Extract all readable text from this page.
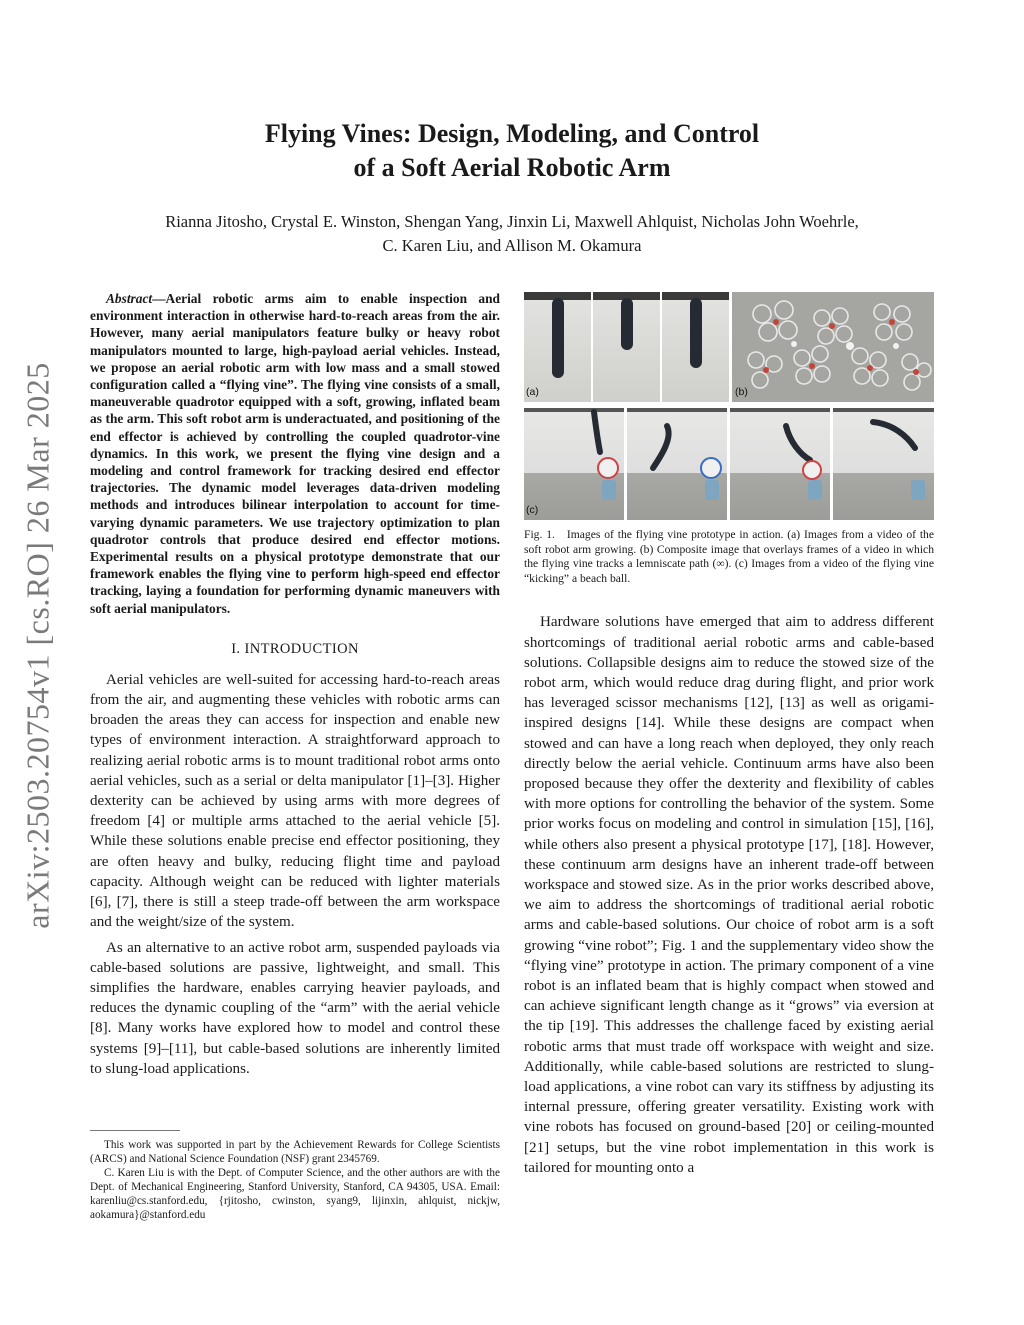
arXiv:2503.20754v1 [cs.RO] 26 Mar 2025
Flying Vines: Design, Modeling, and Control
of a Soft Aerial Robotic Arm
Rianna Jitosho, Crystal E. Winston, Shengan Yang, Jinxin Li, Maxwell Ahlquist, Nicholas John Woehrle,
C. Karen Liu, and Allison M. Okamura

Abstract—Aerial robotic arms aim to enable inspection and environment interaction in otherwise hard-to-reach areas from the air. However, many aerial manipulators feature bulky or heavy robot manipulators mounted to large, high-payload aerial vehicles. Instead, we propose an aerial robotic arm with low mass and a small stowed configuration called a “flying vine”. The flying vine consists of a small, maneuverable quadrotor equipped with a soft, growing, inflated beam as the arm. This soft robot arm is underactuated, and positioning of the end effector is achieved by controlling the coupled quadrotor-vine dynamics. In this work, we present the flying vine design and a modeling and control framework for tracking desired end effector trajectories. The dynamic model leverages data-driven modeling methods and introduces bilinear interpolation to account for time-varying dynamic parameters. We use trajectory optimization to plan quadrotor controls that produce desired end effector motions. Experimental results on a physical prototype demonstrate that our framework enables the flying vine to perform high-speed end effector tracking, laying a foundation for performing dynamic maneuvers with soft aerial manipulators.

I. INTRODUCTION

Aerial vehicles are well-suited for accessing hard-to-reach areas from the air, and augmenting these vehicles with robotic arms can broaden the areas they can access for inspection and enable new types of environment interaction. A straightforward approach to realizing aerial robotic arms is to mount traditional robot arms onto aerial vehicles, such as a serial or delta manipulator [1]–[3]. Higher dexterity can be achieved by using arms with more degrees of freedom [4] or multiple arms attached to the aerial vehicle [5]. While these solutions enable precise end effector positioning, they are often heavy and bulky, reducing flight time and payload capacity. Although weight can be reduced with lighter materials [6], [7], there is still a steep trade-off between the arm workspace and the weight/size of the system.

As an alternative to an active robot arm, suspended payloads via cable-based solutions are passive, lightweight, and small. This simplifies the hardware, enables carrying heavier payloads, and reduces the dynamic coupling of the “arm” with the aerial vehicle [8]. Many works have explored how to model and control these systems [9]–[11], but cable-based solutions are inherently limited to slung-load applications.

This work was supported in part by the Achievement Rewards for College Scientists (ARCS) and National Science Foundation (NSF) grant 2345769.

C. Karen Liu is with the Dept. of Computer Science, and the other authors are with the Dept. of Mechanical Engineering, Stanford University, Stanford, CA 94305, USA. Email: karenliu@cs.stanford.edu, {rjitosho, cwinston, syang9, lijinxin, ahlquist, nickjw, aokamura}@stanford.edu

(a)	(b)
(c)

Fig. 1. Images of the flying vine prototype in action. (a) Images from a video of the soft robot arm growing. (b) Composite image that overlays frames of a video in which the flying vine tracks a lemniscate path (∞). (c) Images from a video of the flying vine “kicking” a beach ball.

Hardware solutions have emerged that aim to address different shortcomings of traditional aerial robotic arms and cable-based solutions. Collapsible designs aim to reduce the stowed size of the robot arm, which would reduce drag during flight, and prior work has leveraged scissor mechanisms [12], [13] as well as origami-inspired designs [14]. While these designs are compact when stowed and can have a long reach when deployed, they only reach directly below the aerial vehicle. Continuum arms have also been proposed because they offer the dexterity and flexibility of cables with more options for controlling the behavior of the system. Some prior works focus on modeling and control in simulation [15], [16], while others also present a physical prototype [17], [18]. However, these continuum arm designs have an inherent trade-off between workspace and stowed size. As in the prior works described above, we aim to address the shortcomings of traditional aerial robotic arms and cable-based solutions. Our choice of robot arm is a soft growing “vine robot”; Fig. 1 and the supplementary video show the “flying vine” prototype in action. The primary component of a vine robot is an inflated beam that is highly compact when stowed and can achieve significant length change as it “grows” via eversion at the tip [19]. This addresses the challenge faced by existing aerial robotic arms that must trade off workspace with weight and size. Additionally, while cable-based solutions are restricted to slung-load applications, a vine robot can vary its stiffness by adjusting its internal pressure, offering greater versatility. Existing work with vine robots has focused on ground-based [20] or ceiling-mounted [21] setups, but the vine robot implementation in this work is tailored for mounting onto a
